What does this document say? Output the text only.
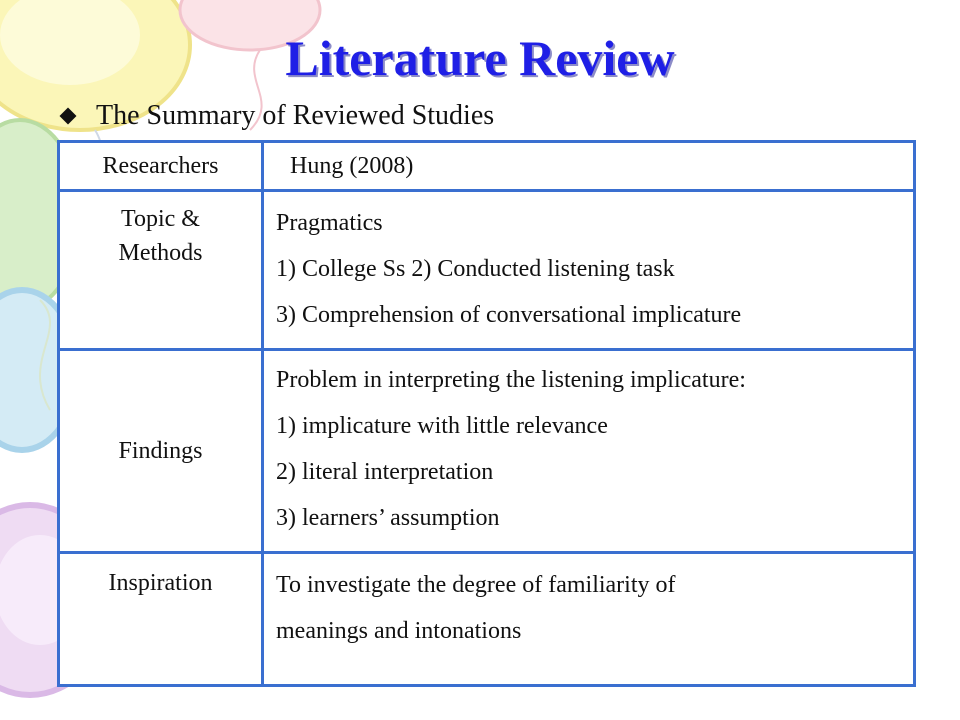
Literature Review
The Summary of Reviewed Studies
Researchers	Hung (2008)

Topic &
Methods	Pragmatics
1) College Ss 2) Conducted listening task
3) Comprehension of conversational implicature

Findings	Problem in interpreting the listening implicature:
1) implicature with little relevance
2) literal interpretation
3) learners’ assumption

Inspiration	To investigate the degree of familiarity of
meanings and intonations
